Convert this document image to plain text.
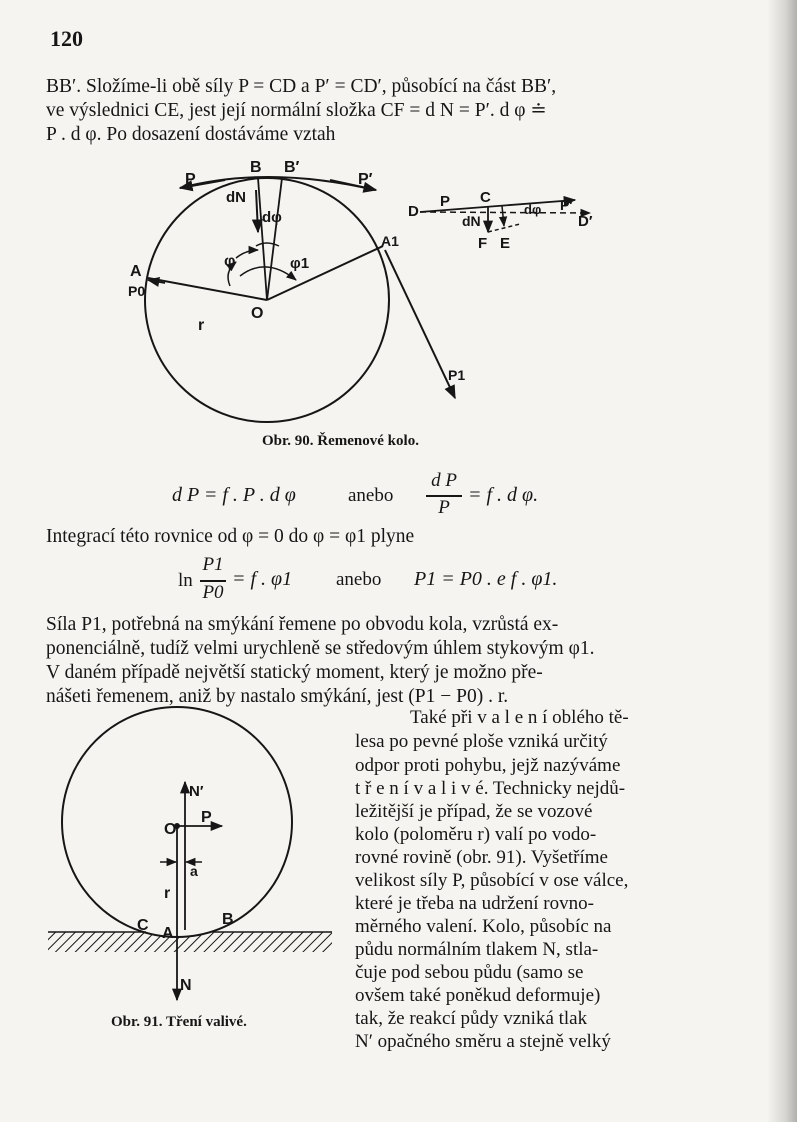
120
BB′. Složíme-li obě síly P = CD a P′ = CD′, působící na část BB′,
ve výslednici CE, jest její normální složka CF = d N = P′. d φ ≐
P . d φ. Po dosazení dostáváme vztah
P
B B′
P′
dN
dφ
φ	φ1
A
A1
P0
r
O
P1
D
P C
dN
dφ P′
F E
D′
Obr. 90. Řemenové kolo.
d P = f . P . d φ	anebo
d P
P
= f . d φ.
Integrací této rovnice od φ = 0 do φ = φ1 plyne
ln
P1
P0
= f . φ1 anebo P1 = P0 . e f . φ1.
Síla P1, potřebná na smýkání řemene po obvodu kola, vzrůstá ex-
ponenciálně, tudíž velmi urychleně se středovým úhlem stykovým φ1.
V daném případě největší statický moment, který je možno pře-
nášeti řemenem, aniž by nastalo smýkání, jest (P1 − P0) . r.
Také při v a l e n í oblého tě-
lesa po pevné ploše vzniká určitý
odpor proti pohybu, jejž nazýváme
t ř e n í v a l i v é. Technicky nejdů-
ležitější je případ, že se vozové
kolo (poloměru r) valí po vodo-
rovné rovině (obr. 91). Vyšetříme
velikost síly P, působící v ose válce,
které je třeba na udržení rovno-
měrného valení. Kolo, působíc na
půdu normálním tlakem N, stla-
čuje pod sebou půdu (samo se
ovšem také poněkud deformuje)
tak, že reakcí půdy vzniká tlak
N′ opačného směru a stejně velký
N′
O
P
a
r
C A
B
N
Obr. 91. Tření valivé.
